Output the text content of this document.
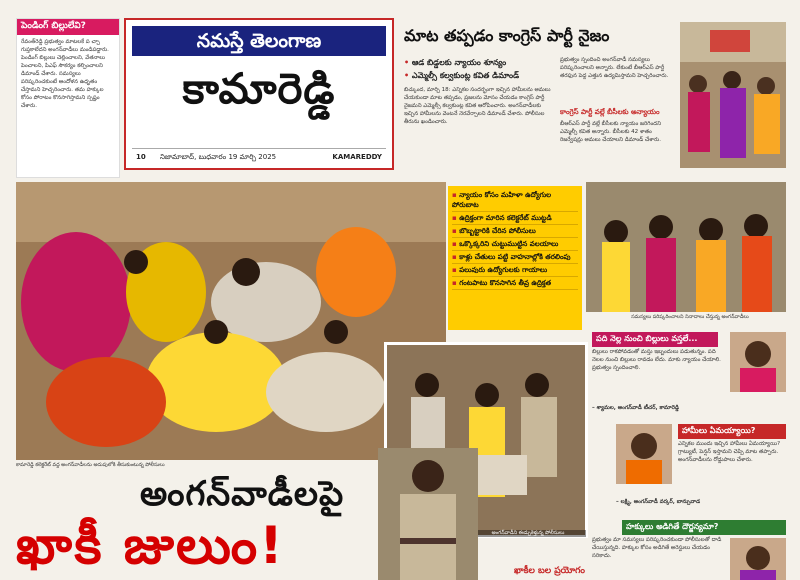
పెండింగ్ బిల్లులేవి?
రేవంత్‌రెడ్డి ప్రభుత్వం మాటలకే ప‌ చ్చా గుప్తకాలేదని అంగన్‌వాడీలు మండిపడ్డారు. పెండింగ్ బిల్లులు చెల్లించాలని, వేతనాలు పెంచాలని, పిఎఫ్ సౌకర్యం కల్పించాలని డిమాండ్ చేశారు. సమస్యలు పరిష్కరించకుంటే ఆందోళన ఉధృతం చేస్తామని హెచ్చరించారు. తమ హక్కుల కోసం పోరాటం కొనసాగిస్తామని స్పష్టం చేశారు.
నమస్తే తెలంగాణ
కామారెడ్డి
10 నిజామాబాద్, బుధవారం 19 మార్చి 2025	KAMAREDDY
మాట తప్పడం కాంగ్రెస్ పార్టీ నైజం
• ఆడ బిడ్డలకు న్యాయం శూన్యం
• ఎమ్మెల్సీ కల్వకుంట్ల కవిత డిమాండ్
బిచ్కుంద, మార్చి 18: ఎన్నికల సందర్భంగా ఇచ్చిన హామీలను అమలు చేయకుండా మాట తప్పడం, ప్రజలను మోసం చేయడం కాంగ్రెస్ పార్టీ నైజమని ఎమ్మెల్సీ కల్వకుంట్ల కవిత ఆరోపించారు. అంగన్‌వాడీలకు ఇచ్చిన హామీలను వెంటనే నెరవేర్చాలని డిమాండ్ చేశారు. పోలీసుల తీరును ఖండించారు.
ప్రభుత్వం స్పందించి అంగన్‌వాడీ సమస్యలు పరిష్కరించాలని అన్నారు. లేకుంటే బీఆర్ఎస్ పార్టీ తరఫున పెద్ద ఎత్తున ఉద్యమిస్తామని హెచ్చరించారు.
కాంగ్రెస్ పార్టీ వల్లే బీసీలకు అన్యాయం
బీఆర్‌ఎస్ పార్టీ వల్లే బీసీలకు న్యాయం జరిగిందని ఎమ్మెల్సీ కవిత అన్నారు. బీసీలకు 42 శాతం రిజర్వేషన్లు అమలు చేయాలని డిమాండ్ చేశారు.
కామారెడ్డి కలెక్టరేట్ వద్ద అంగన్‌వాడీలను అదుపులోకి తీసుకుంటున్న పోలీసులు
▪ న్యాయం కోసం మహిళా ఉద్యోగుల పోరుబాట
▪ ఉద్రిక్తంగా మారిన కలెక్టరేట్ ముట్టడి
▪ బొబ్బట్టారికి చేరిన పోలీసులు
▪ ఒక్కొక్కరిని చుట్టుముట్టిన వలయాలు
▪ కాళ్లు చేతులు పట్టి వాహనాల్లోకి తరలింపు
▪ పలువురు ఉద్యోగులకు గాయాలు
▪ గంటపాటు కొనసాగిన తీవ్ర ఉద్రిక్తత
సమస్యలు పరిష్కరించాలని నినాదాలు చేస్తున్న అంగన్‌వాడీలు
పది నెల్ల నుంచి బిల్లులు వస్తలే...
బిల్లులు రాకపోవడంతో మస్తు ఇబ్బందులు పడుతున్నం. పది నెలల నుంచి బిల్లులు రావడం లేదు. మాకు న్యాయం చేయాలి. ప్రభుత్వం స్పందించాలి.
– శ్యామల, అంగన్‌వాడీ టీచర్, కామారెడ్డి
హామీలు ఏమయ్యాయి?
ఎన్నికల ముందు ఇచ్చిన హామీలు ఏమయ్యాయి? గ్రాట్యుటీ, పెన్షన్ ఇస్తామని చెప్పి మాట తప్పారు. అంగన్‌వాడీలను రోడ్డుపాలు చేశారు.
– లక్ష్మి, అంగన్‌వాడీ వర్కర్, బాన్సువాడ
హక్కులు అడిగితే దౌర్జన్యమా?
ప్రభుత్వం మా సమస్యలు పరిష్కరించకుండా పోలీసులతో దాడి చేయిస్తున్నది. హక్కుల కోసం అడిగితే అరెస్టులు చేయడం సరికాదు.
అంగన్‌వాడీని ఈడ్చుకెళ్తున్న పోలీసులు
అంగన్‌వాడీలపై
ఖాకీ జులుం!	ఖాకీల బల ప్రయోగం
